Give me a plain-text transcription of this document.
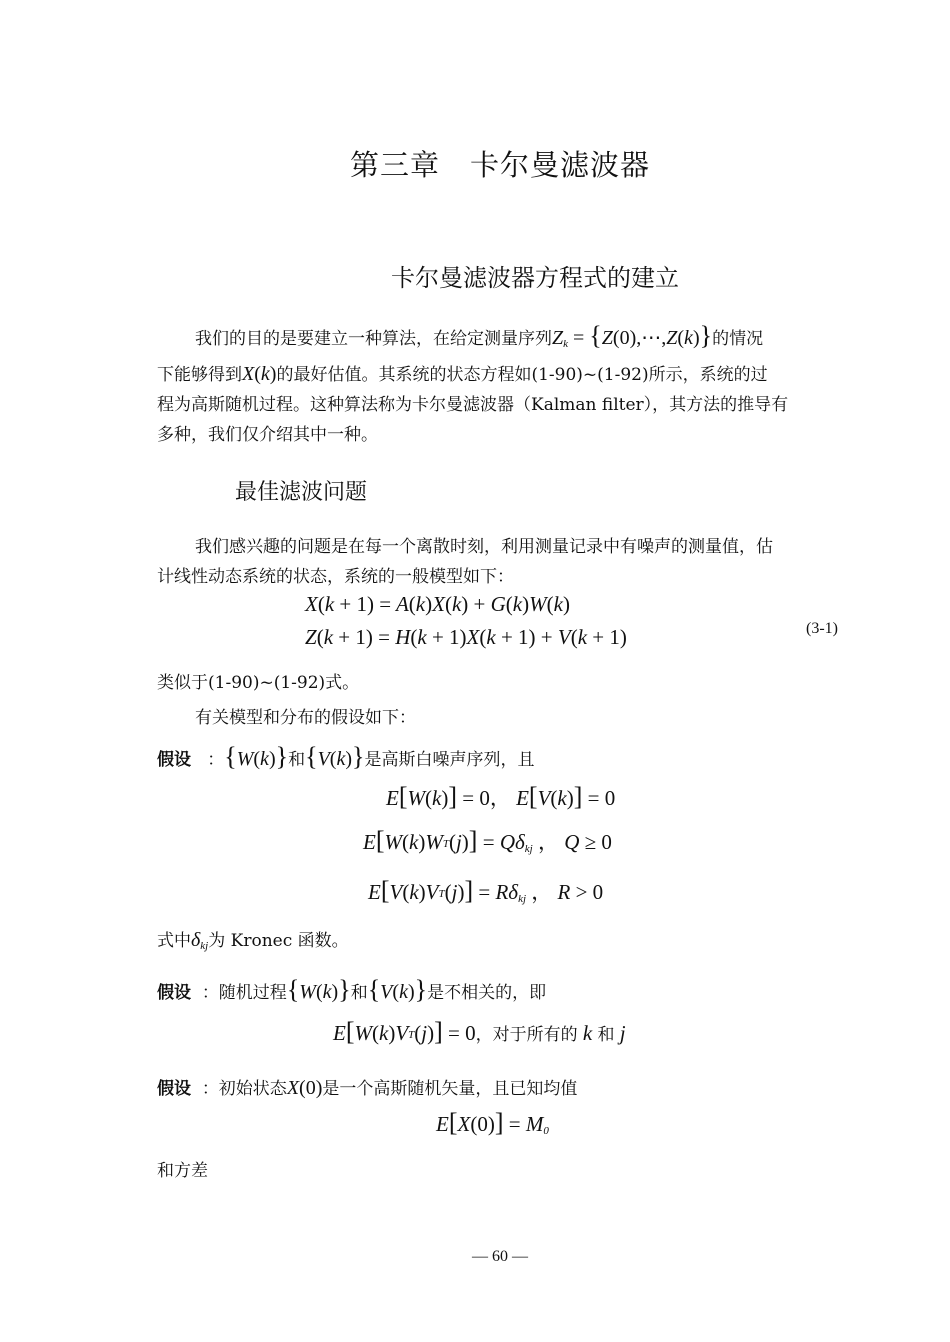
第三章　卡尔曼滤波器
卡尔曼滤波器方程式的建立
我们的目的是要建立一种算法，在给定测量序列$Z_k$ = {Z(0),⋯,Z(k)}的情况
下能够得到X(k)的最好估值。其系统的状态方程如(1-90)~(1-92)所示，系统的过
程为高斯随机过程。这种算法称为卡尔曼滤波器（Kalman filter），其方法的推导有
多种，我们仅介绍其中一种。
最佳滤波问题
我们感兴趣的问题是在每一个离散时刻，利用测量记录中有噪声的测量值，估
计线性动态系统的状态，系统的一般模型如下：
X(k + 1) = A(k)X(k) + G(k)W(k)
Z(k + 1) = H(k + 1)X(k + 1) + V(k + 1)	(3-1)
类似于(1-90)~(1-92)式。
有关模型和分布的假设如下：
假设   ：{W(k)}和{V(k)}是高斯白噪声序列，且
E[W(k)] = 0， E[V(k)] = 0
$E[W(k)WT(j)] = Q\delta_{kj}$ ， Q ≥ 0
$E[V(k)VT(j)] = R\delta_{kj}$ ， R > 0
式中$\delta_{kj}$为 Kronec 函数。
假设 ：随机过程{W(k)}和{V(k)}是不相关的，即
E[W(k)VT(j)] = 0，对于所有的 k 和 j
假设 ：初始状态X(0)是一个高斯随机矢量，且已知均值
$E[X(0)] = M_0$
和方差
— 60 —
